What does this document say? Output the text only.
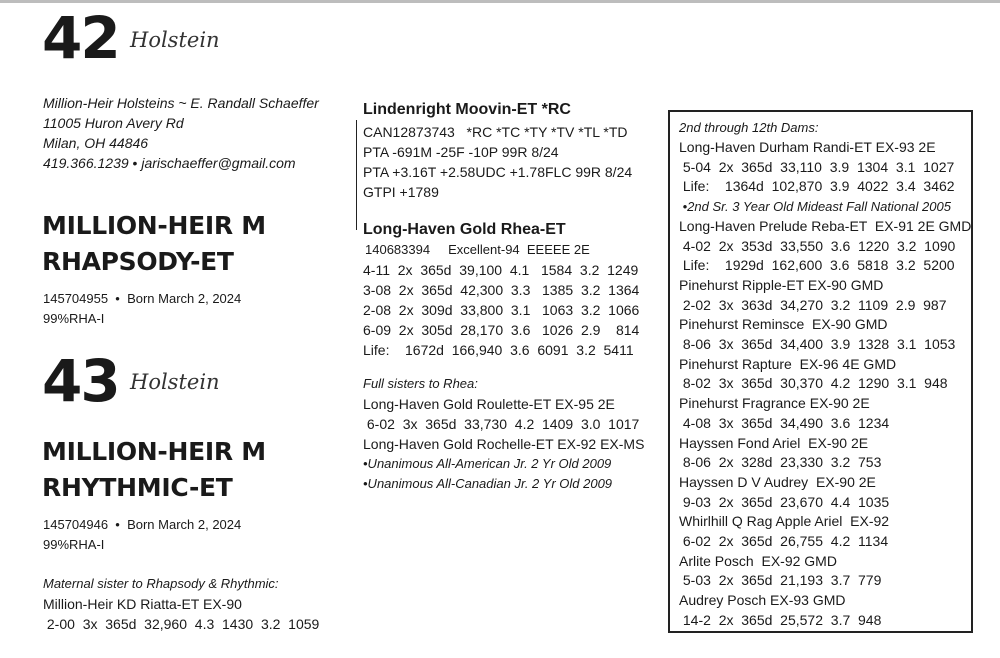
42 Holstein
Million-Heir Holsteins ~ E. Randall Schaeffer
11005 Huron Avery Rd
Milan, OH 44846
419.366.1239 • jarischaeffer@gmail.com
MILLION-HEIR M
RHAPSODY-ET
145704955  •  Born March 2, 2024
99%RHA-I
43 Holstein
MILLION-HEIR M
RHYTHMIC-ET
145704946  •  Born March 2, 2024
99%RHA-I
Maternal sister to Rhapsody & Rhythmic:
Million-Heir KD Riatta-ET EX-90
2-00  3x  365d  32,960  4.3  1430  3.2  1059
Lindenright Moovin-ET *RC
CAN12873743   *RC *TC *TY *TV *TL *TD
PTA -691M -25F -10P 99R 8/24
PTA +3.16T +2.58UDC +1.78FLC 99R 8/24
GTPI +1789
Long-Haven Gold Rhea-ET
140683394     Excellent-94  EEEEE 2E
4-11  2x  365d  39,100  4.1   1584  3.2  1249
3-08  2x  365d  42,300  3.3   1385  3.2  1364
2-08  2x  309d  33,800  3.1   1063  3.2  1066
6-09  2x  305d  28,170  3.6   1026  2.9    814
Life:    1672d  166,940  3.6  6091  3.2  5411
Full sisters to Rhea:
Long-Haven Gold Roulette-ET EX-95 2E
6-02  3x  365d  33,730  4.2  1409  3.0  1017
Long-Haven Gold Rochelle-ET EX-92 EX-MS
•Unanimous All-American Jr. 2 Yr Old 2009
•Unanimous All-Canadian Jr. 2 Yr Old 2009
2nd through 12th Dams:
Long-Haven Durham Randi-ET EX-93 2E
5-04  2x  365d  33,110  3.9  1304  3.1  1027
Life:    1364d  102,870  3.9  4022  3.4  3462
•2nd Sr. 3 Year Old Mideast Fall National 2005
Long-Haven Prelude Reba-ET  EX-91 2E GMD
4-02  2x  353d  33,550  3.6  1220  3.2  1090
Life:    1929d  162,600  3.6  5818  3.2  5200
Pinehurst Ripple-ET EX-90 GMD
2-02  3x  363d  34,270  3.2  1109  2.9  987
Pinehurst Reminsce  EX-90 GMD
8-06  3x  365d  34,400  3.9  1328  3.1  1053
Pinehurst Rapture  EX-96 4E GMD
8-02  3x  365d  30,370  4.2  1290  3.1  948
Pinehurst Fragrance EX-90 2E
4-08  3x  365d  34,490  3.6  1234
Hayssen Fond Ariel  EX-90 2E
8-06  2x  328d  23,330  3.2  753
Hayssen D V Audrey  EX-90 2E
9-03  2x  365d  23,670  4.4  1035
Whirlhill Q Rag Apple Ariel  EX-92
6-02  2x  365d  26,755  4.2  1134
Arlite Posch  EX-92 GMD
5-03  2x  365d  21,193  3.7  779
Audrey Posch EX-93 GMD
14-2  2x  365d  25,572  3.7  948
